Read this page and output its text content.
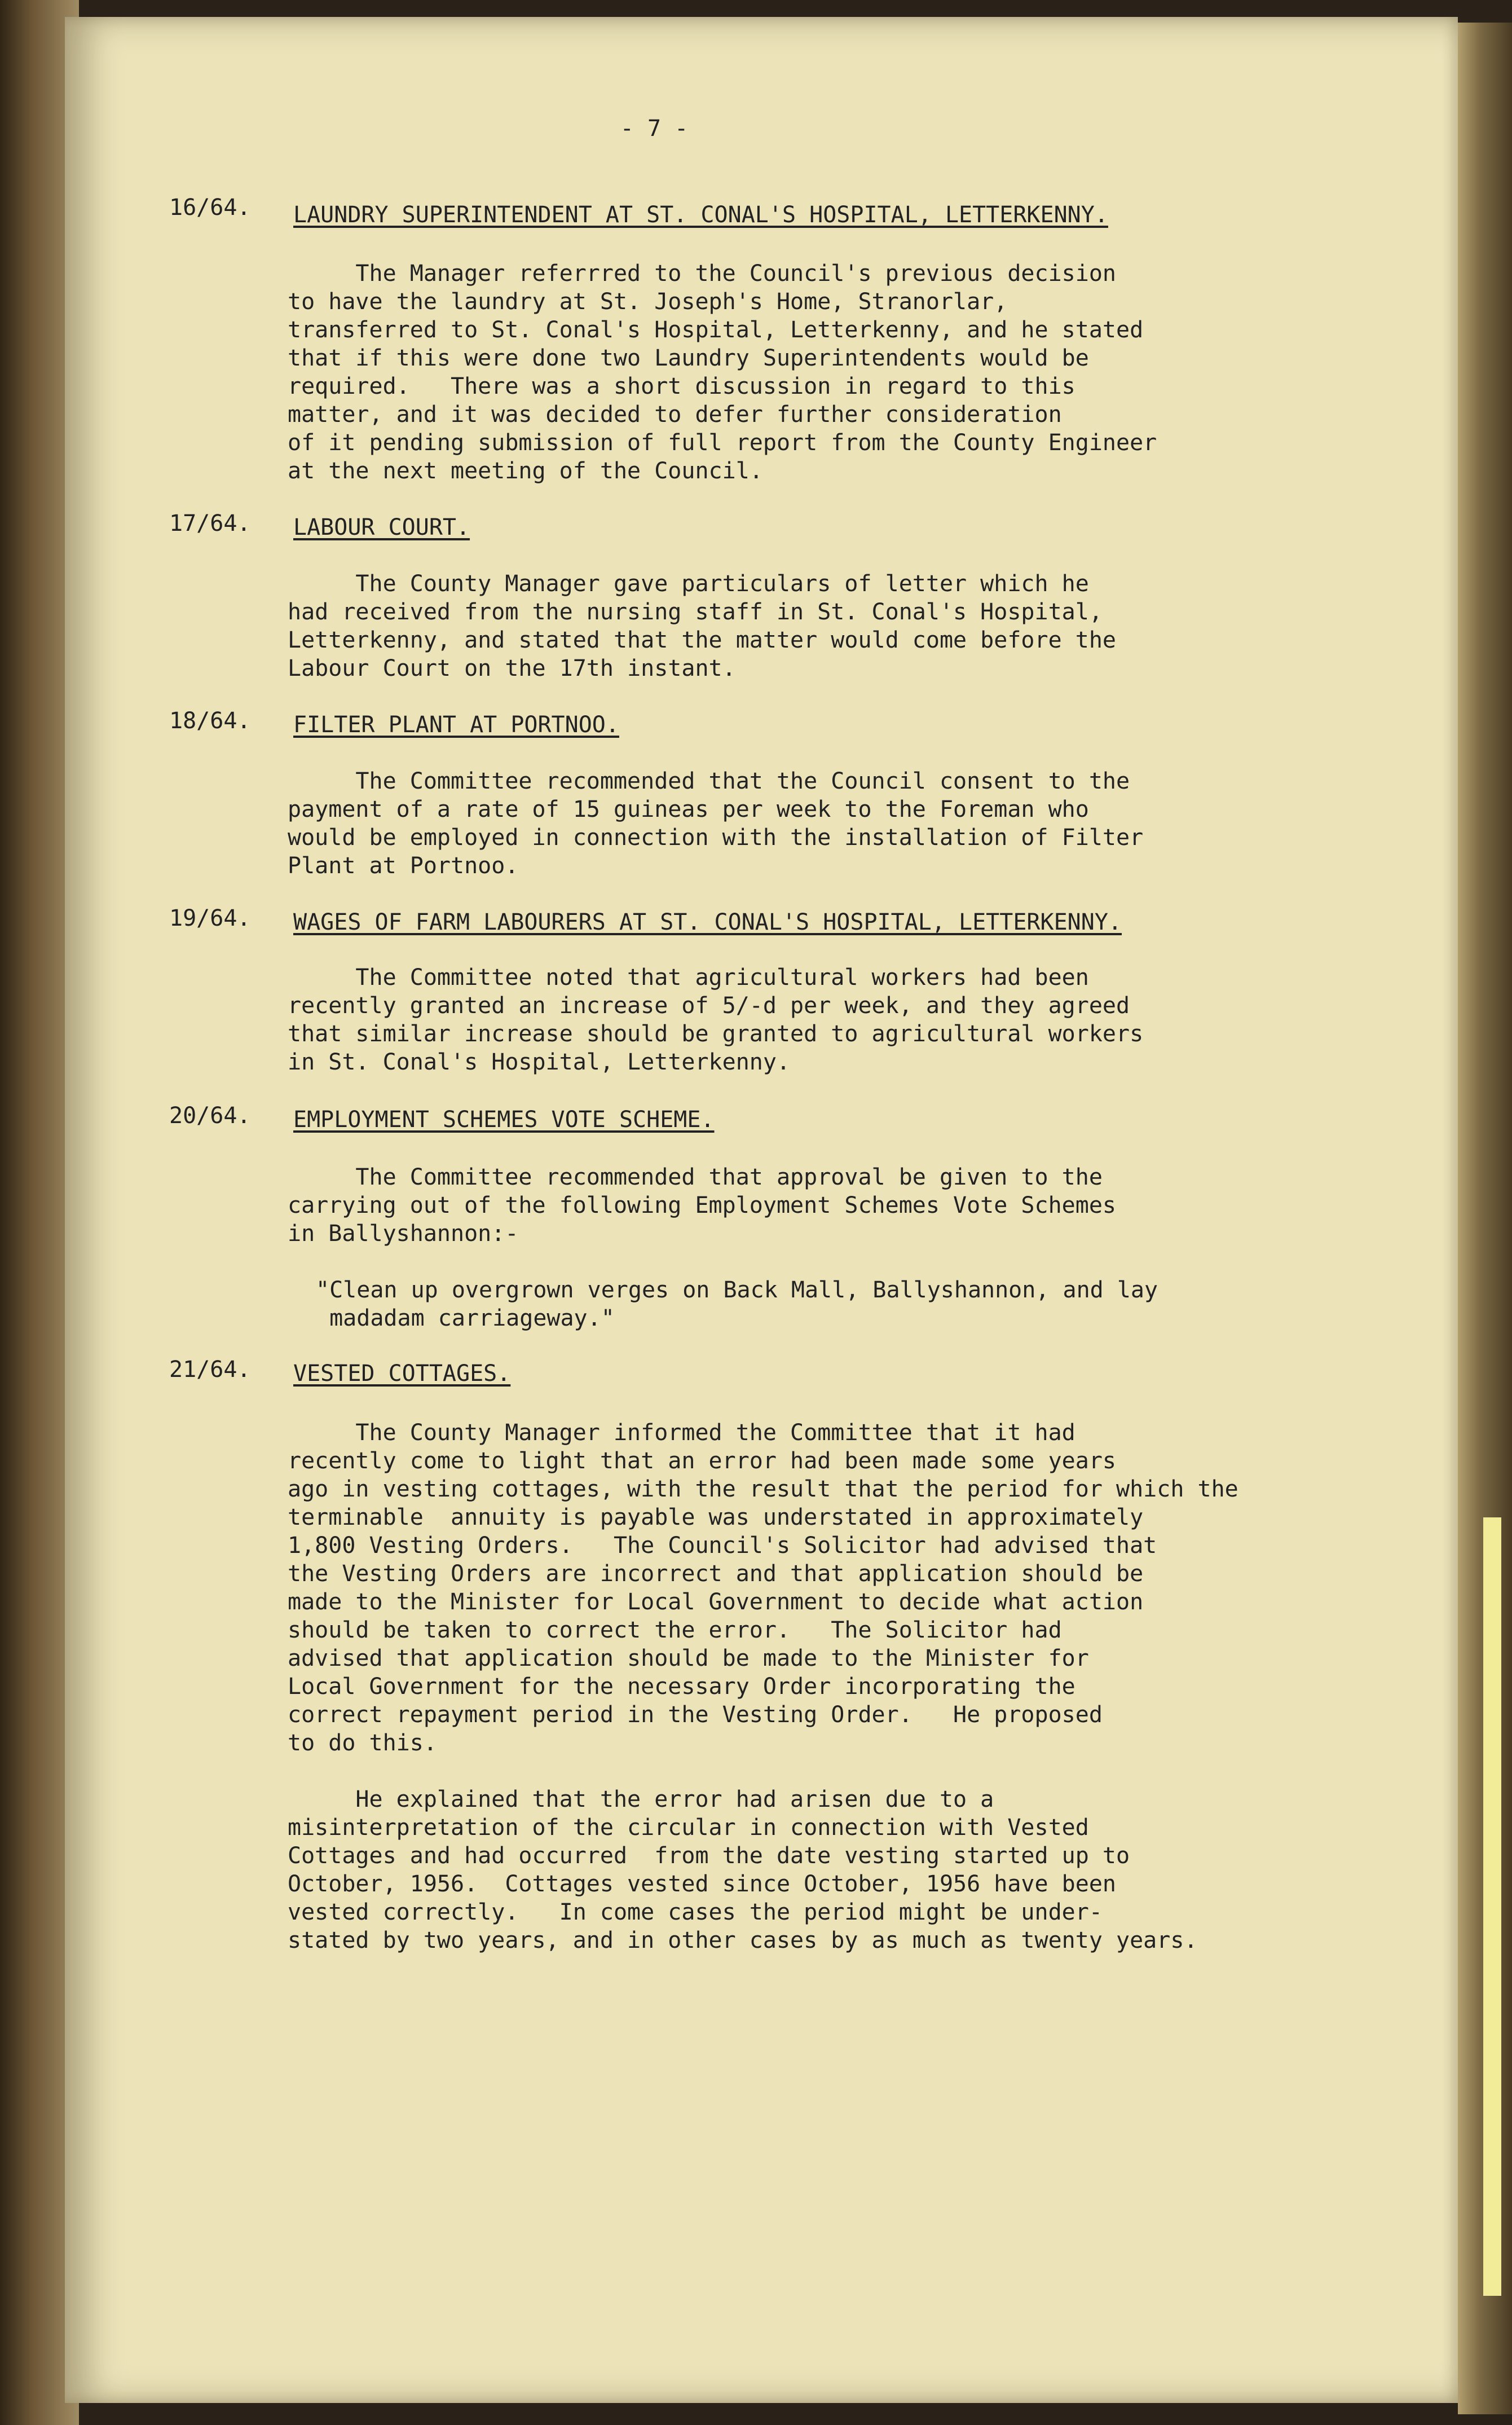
- 7 -
16/64. LAUNDRY SUPERINTENDENT AT ST. CONAL'S HOSPITAL, LETTERKENNY.
The Manager referrred to the Council's previous decision
to have the laundry at St. Joseph's Home, Stranorlar,
transferred to St. Conal's Hospital, Letterkenny, and he stated
that if this were done two Laundry Superintendents would be
required.   There was a short discussion in regard to this
matter, and it was decided to defer further consideration
of it pending submission of full report from the County Engineer
at the next meeting of the Council.
17/64. LABOUR COURT.
The County Manager gave particulars of letter which he
had received from the nursing staff in St. Conal's Hospital,
Letterkenny, and stated that the matter would come before the
Labour Court on the 17th instant.
18/64. FILTER PLANT AT PORTNOO.
The Committee recommended that the Council consent to the
payment of a rate of 15 guineas per week to the Foreman who
would be employed in connection with the installation of Filter
Plant at Portnoo.
19/64. WAGES OF FARM LABOURERS AT ST. CONAL'S HOSPITAL, LETTERKENNY.
The Committee noted that agricultural workers had been
recently granted an increase of 5/-d per week, and they agreed
that similar increase should be granted to agricultural workers
in St. Conal's Hospital, Letterkenny.
20/64. EMPLOYMENT SCHEMES VOTE SCHEME.
The Committee recommended that approval be given to the
carrying out of the following Employment Schemes Vote Schemes
in Ballyshannon:-
"Clean up overgrown verges on Back Mall, Ballyshannon, and lay
madadam carriageway."
21/64. VESTED COTTAGES.
The County Manager informed the Committee that it had
recently come to light that an error had been made some years
ago in vesting cottages, with the result that the period for which the
terminable  annuity is payable was understated in approximately
1,800 Vesting Orders.   The Council's Solicitor had advised that
the Vesting Orders are incorrect and that application should be
made to the Minister for Local Government to decide what action
should be taken to correct the error.   The Solicitor had
advised that application should be made to the Minister for
Local Government for the necessary Order incorporating the
correct repayment period in the Vesting Order.   He proposed
to do this.
He explained that the error had arisen due to a
misinterpretation of the circular in connection with Vested
Cottages and had occurred  from the date vesting started up to
October, 1956.  Cottages vested since October, 1956 have been
vested correctly.   In come cases the period might be under-
stated by two years, and in other cases by as much as twenty years.
